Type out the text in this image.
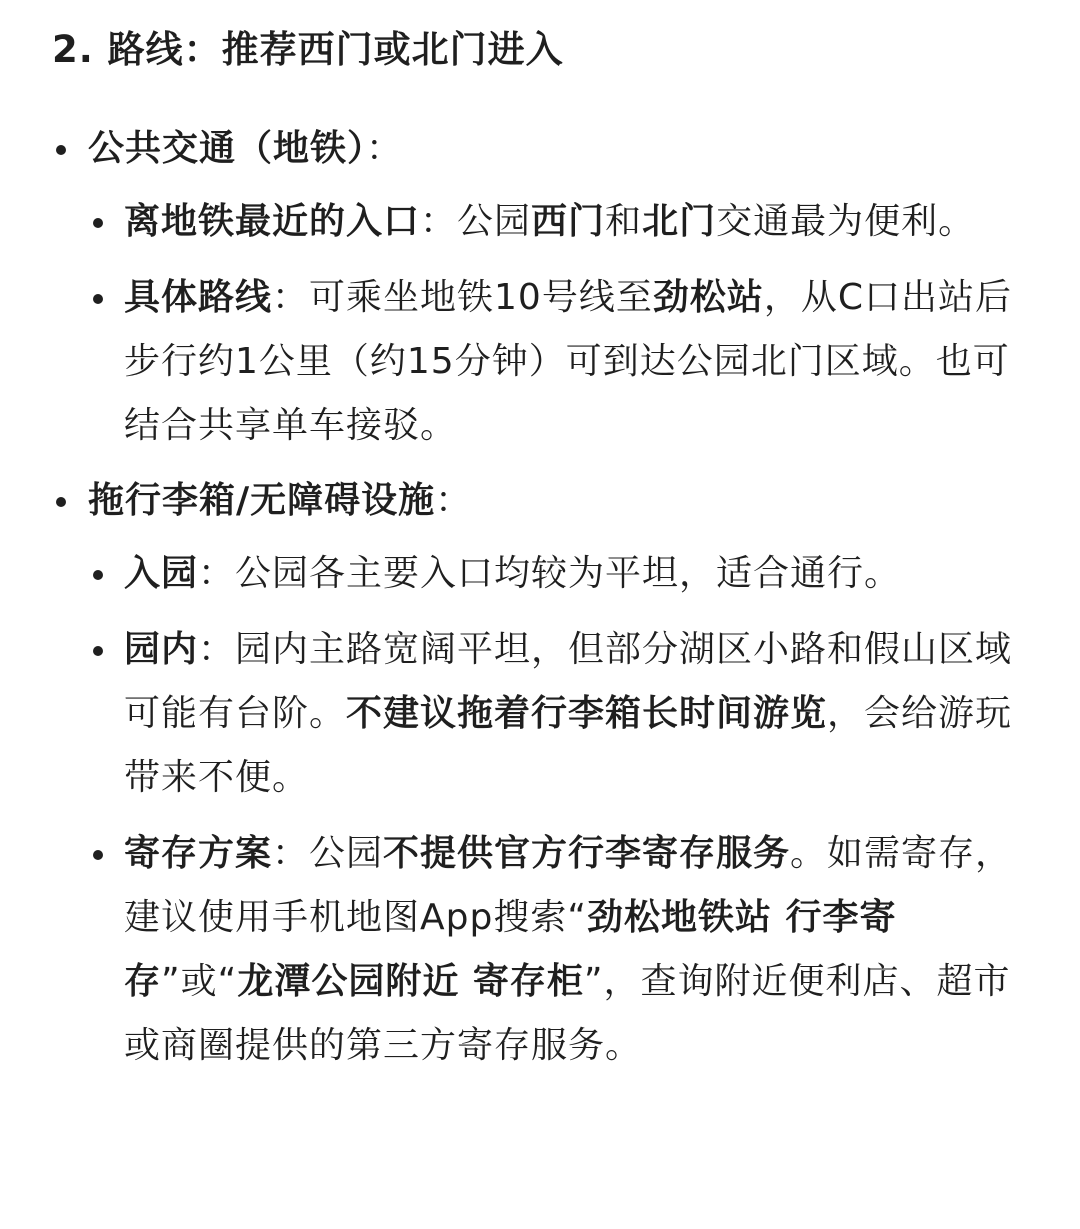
2. 路线：推荐西门或北门进入
公共交通（地铁）：
离地铁最近的入口：公园西门和北门交通最为便利。
具体路线：可乘坐地铁10号线至劲松站，从C口出站后步行约1公里（约15分钟）可到达公园北门区域。也可结合共享单车接驳。
拖行李箱/无障碍设施：
入园：公园各主要入口均较为平坦，适合通行。
园内：园内主路宽阔平坦，但部分湖区小路和假山区域可能有台阶。不建议拖着行李箱长时间游览，会给游玩带来不便。
寄存方案：公园不提供官方行李寄存服务。如需寄存，建议使用手机地图App搜索“劲松地铁站 行李寄存”或“龙潭公园附近 寄存柜”，查询附近便利店、超市或商圈提供的第三方寄存服务。
